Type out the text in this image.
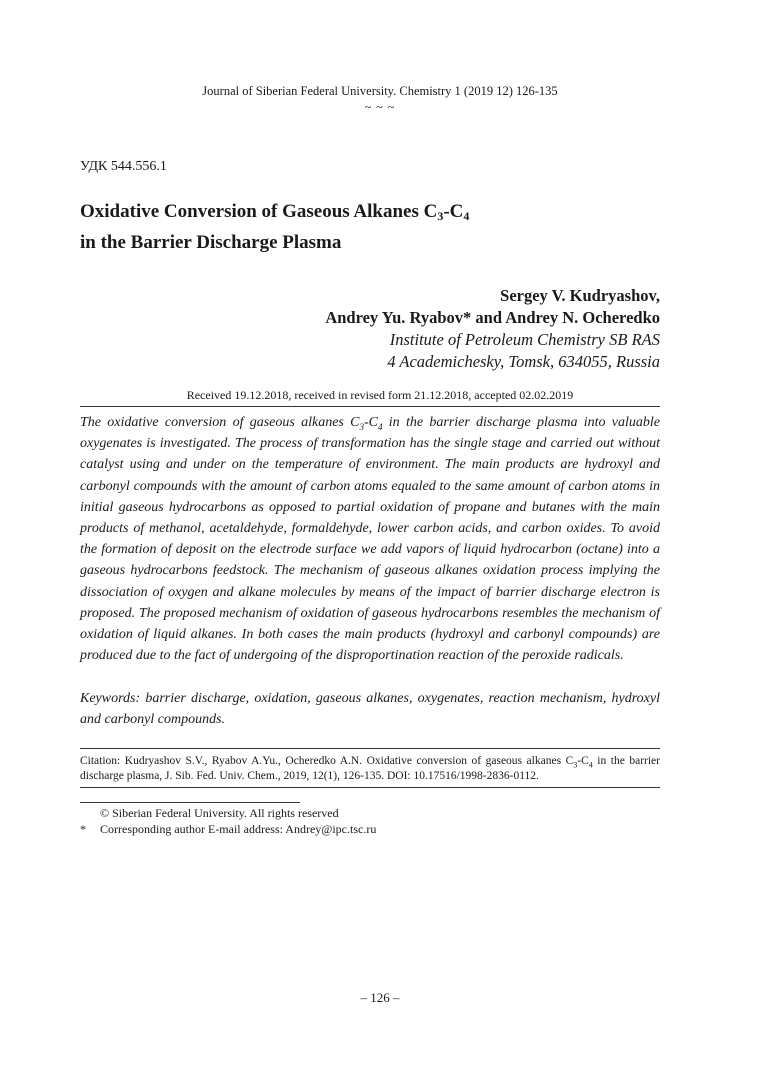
Journal of Siberian Federal University. Chemistry 1 (2019 12) 126-135
~ ~ ~
УДК 544.556.1
Oxidative Conversion of Gaseous Alkanes $C_3-C_4$
in the Barrier Discharge Plasma
Sergey V. Kudryashov,
Andrey Yu. Ryabov* and Andrey N. Ocheredko
Institute of Petroleum Chemistry SB RAS
4 Academichesky, Tomsk, 634055, Russia
Received 19.12.2018, received in revised form 21.12.2018, accepted 02.02.2019
The oxidative conversion of gaseous alkanes $C_3-C_4$ in the barrier discharge plasma into valuable oxygenates is investigated. The process of transformation has the single stage and carried out without catalyst using and under on the temperature of environment. The main products are hydroxyl and carbonyl compounds with the amount of carbon atoms equaled to the same amount of carbon atoms in initial gaseous hydrocarbons as opposed to partial oxidation of propane and butanes with the main products of methanol, acetaldehyde, formaldehyde, lower carbon acids, and carbon oxides. To avoid the formation of deposit on the electrode surface we add vapors of liquid hydrocarbon (octane) into a gaseous hydrocarbons feedstock. The mechanism of gaseous alkanes oxidation process implying the dissociation of oxygen and alkane molecules by means of the impact of barrier discharge electron is proposed. The proposed mechanism of oxidation of gaseous hydrocarbons resembles the mechanism of oxidation of liquid alkanes. In both cases the main products (hydroxyl and carbonyl compounds) are produced due to the fact of undergoing of the disproportination reaction of the peroxide radicals.
Keywords: barrier discharge, oxidation, gaseous alkanes, oxygenates, reaction mechanism, hydroxyl and carbonyl compounds.
Citation: Kudryashov S.V., Ryabov A.Yu., Ocheredko A.N. Oxidative conversion of gaseous alkanes $C_3-C_4$ in the barrier discharge plasma, J. Sib. Fed. Univ. Chem., 2019, 12(1), 126-135. DOI: 10.17516/1998-2836-0112.
© Siberian Federal University. All rights reserved
* Corresponding author E-mail address: Andrey@ipc.tsc.ru
– 126 –
